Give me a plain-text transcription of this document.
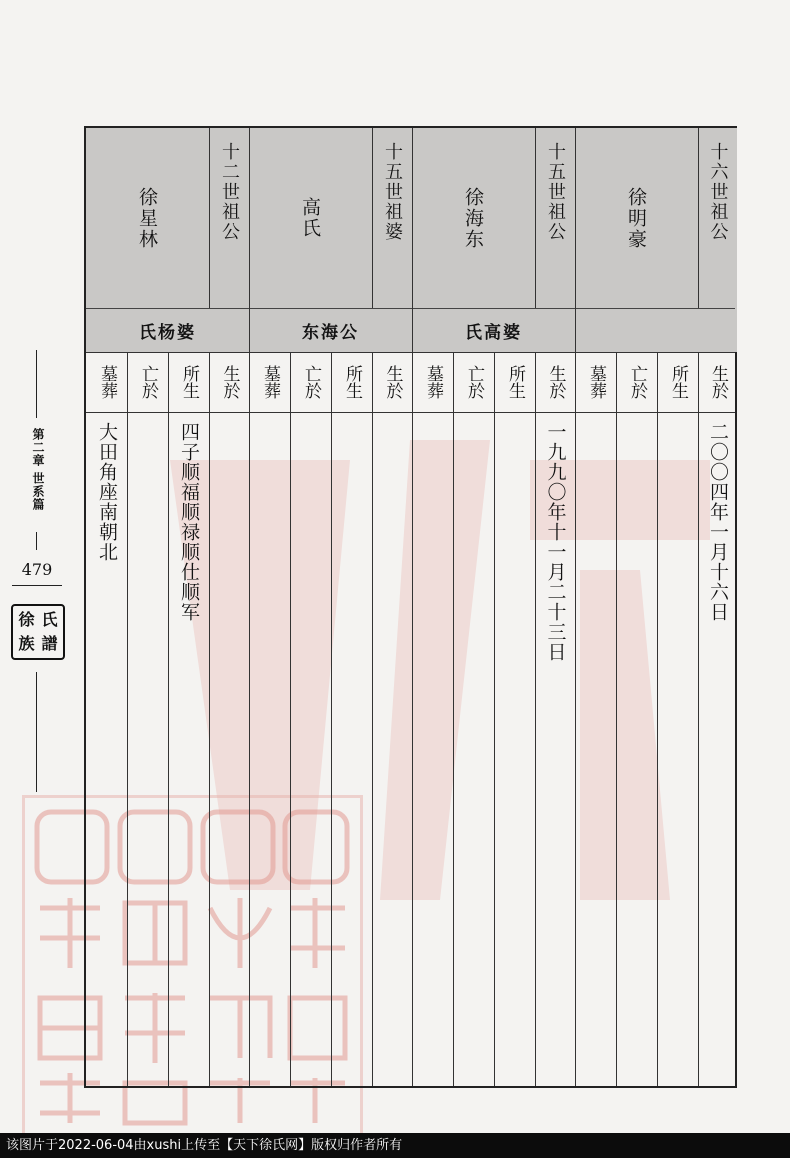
第二章 世系篇
479
徐 氏
族 譜
十六世祖公
徐明豪
生於
所生
亡於
墓葬
二〇〇四年一月十六日
十五世祖公
徐海东
氏高婆
生於
所生
亡於
墓葬
一九九〇年十一月二十三日
十五世祖婆
高氏
东海公
生於
所生
亡於
墓葬
十二世祖公
徐星林
氏杨婆
生於
所生
亡於
墓葬
四子顺福顺禄顺仕顺军
大田角座南朝北
该图片于2022-06-04由xushi上传至【天下徐氏网】版权归作者所有
